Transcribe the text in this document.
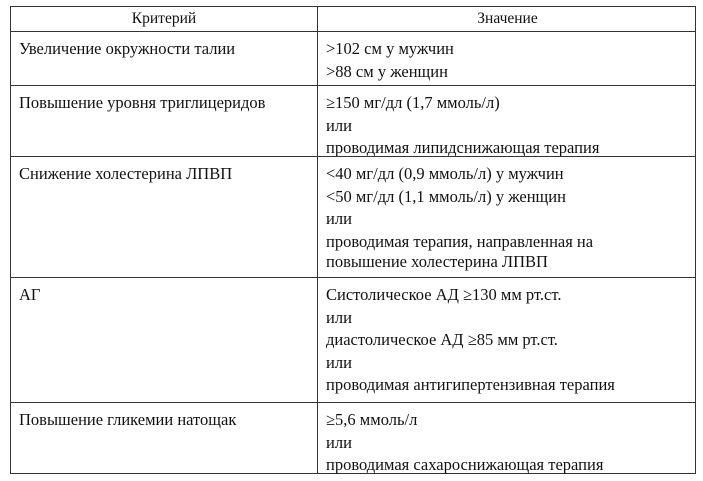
Критерий	Значение
Увеличение окружности талии	>102 см у мужчин
>88 см у женщин
Повышение уровня триглицеридов	≥150 мг/дл (1,7 ммоль/л)
или
проводимая липидснижающая терапия
Снижение холестерина ЛПВП	<40 мг/дл (0,9 ммоль/л) у мужчин
<50 мг/дл (1,1 ммоль/л) у женщин
или
проводимая терапия, направленная на
повышение холестерина ЛПВП
АГ	Систолическое АД ≥130 мм рт.ст.
или
диастолическое АД ≥85 мм рт.ст.
или
проводимая антигипертензивная терапия
Повышение гликемии натощак	≥5,6 ммоль/л
или
проводимая сахароснижающая терапия
